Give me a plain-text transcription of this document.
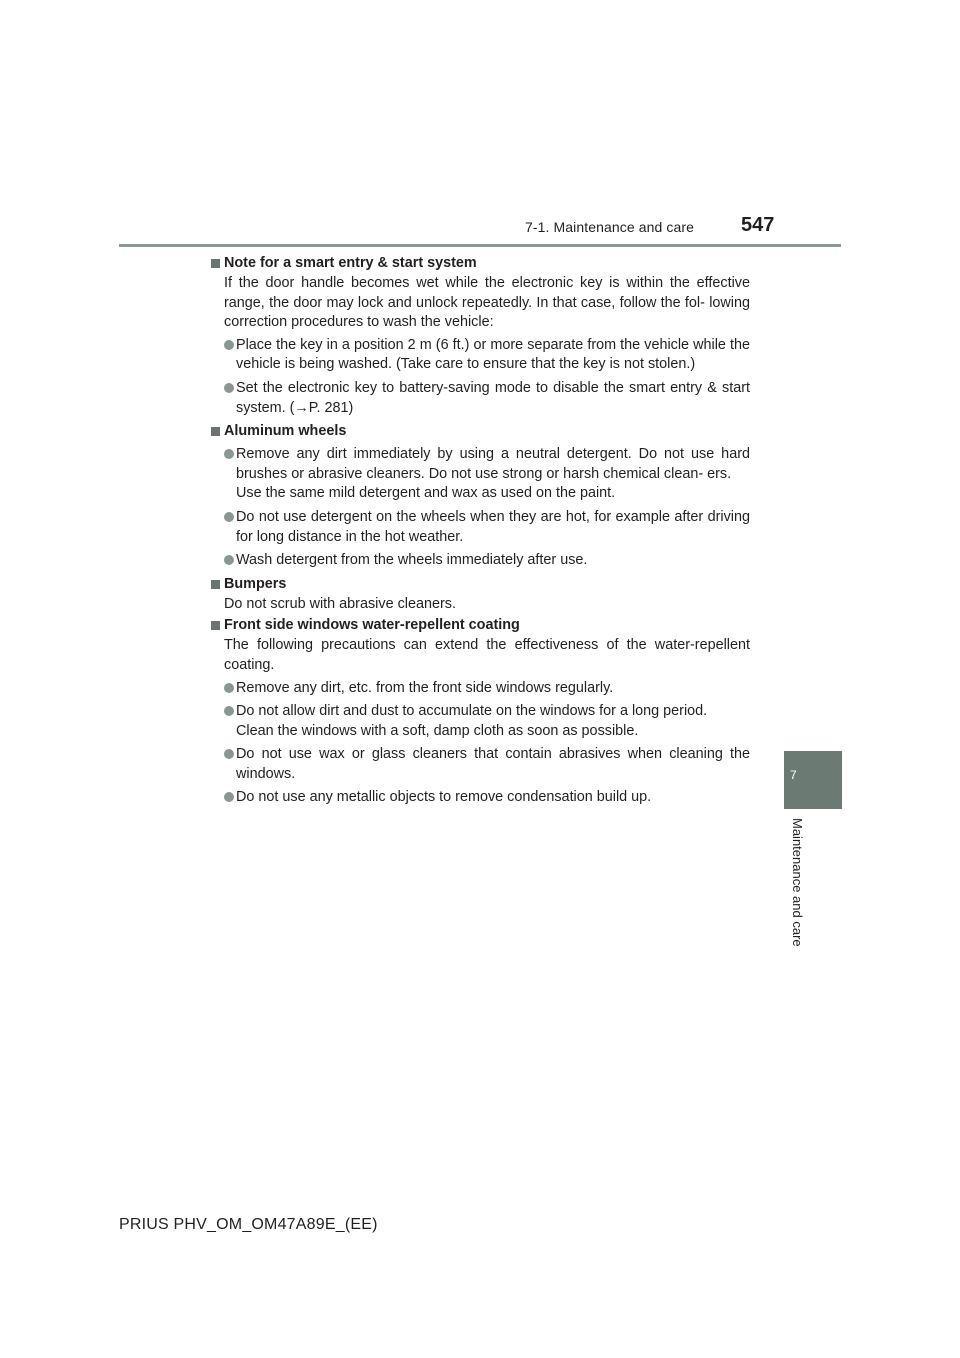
7-1. Maintenance and care 547
Note for a smart entry & start system

If the door handle becomes wet while the electronic key is within the effective range, the door may lock and unlock repeatedly. In that case, follow the fol- lowing correction procedures to wash the vehicle:

Place the key in a position 2 m (6 ft.) or more separate from the vehicle while the vehicle is being washed. (Take care to ensure that the key is not stolen.)
Set the electronic key to battery-saving mode to disable the smart entry & start system. (→P. 281)
Aluminum wheels
Remove any dirt immediately by using a neutral detergent. Do not use hard brushes or abrasive cleaners. Do not use strong or harsh chemical clean- ers.
Use the same mild detergent and wax as used on the paint.
Do not use detergent on the wheels when they are hot, for example after driving for long distance in the hot weather.
Wash detergent from the wheels immediately after use.
Bumpers

Do not scrub with abrasive cleaners.

Front side windows water-repellent coating

The following precautions can extend the effectiveness of the water-repellent coating.

Remove any dirt, etc. from the front side windows regularly.
Do not allow dirt and dust to accumulate on the windows for a long period.
Clean the windows with a soft, damp cloth as soon as possible.
Do not use wax or glass cleaners that contain abrasives when cleaning the windows.
Do not use any metallic objects to remove condensation build up.
7
Maintenance and care
PRIUS PHV_OM_OM47A89E_(EE)
